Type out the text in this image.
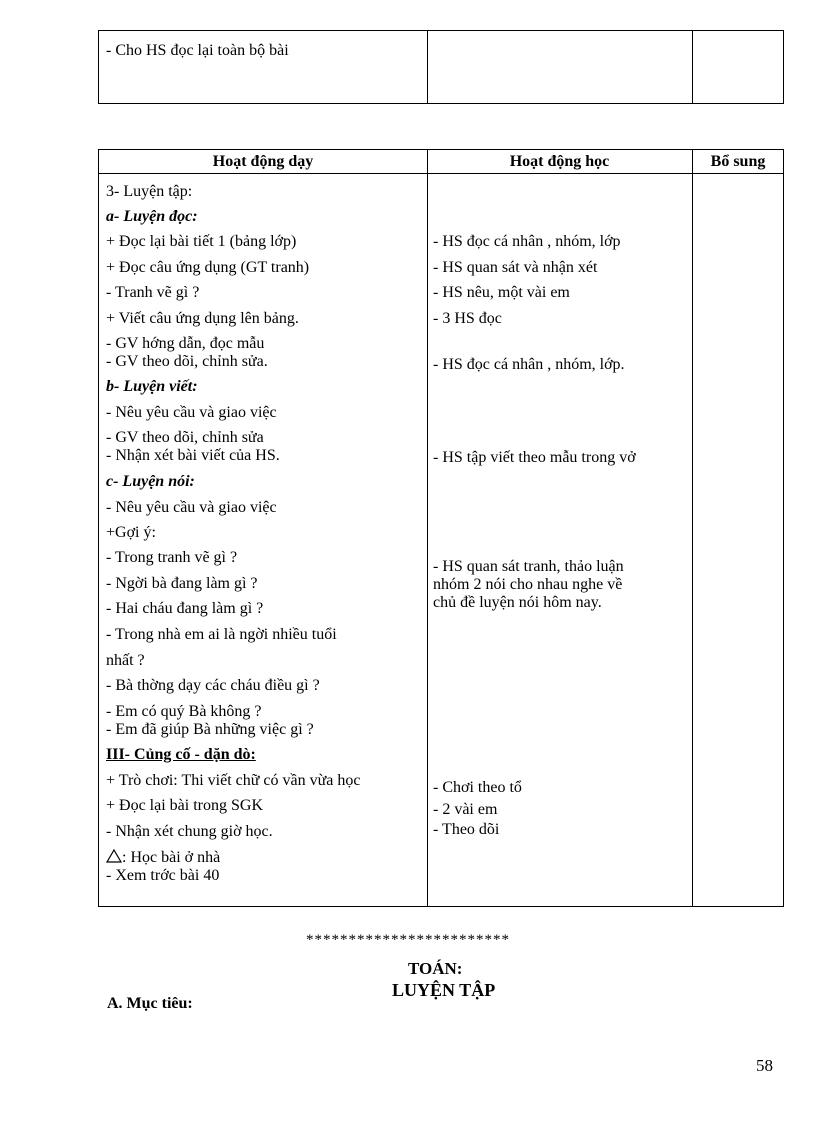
- Cho HS đọc lại toàn bộ bài
Hoạt động dạy	Hoạt động học	Bổ sung
3- Luyện tập:
a- Luyện đọc:
+ Đọc lại bài tiết 1 (bảng lớp)
+ Đọc câu ứng dụng (GT tranh)
- Tranh vẽ gì ?
+ Viết câu ứng dụng lên bảng.
- GV hớng dẫn, đọc mẫu
- GV theo dõi, chỉnh sửa.
b- Luyện viết:
- Nêu yêu cầu và giao việc
- GV theo dõi, chỉnh sửa
- Nhận xét bài viết của HS.
c- Luyện nói:
- Nêu yêu cầu và giao việc
+Gợi ý:
- Trong tranh vẽ gì ?
- Ngời bà đang làm gì ?
- Hai cháu đang làm gì ?
- Trong nhà em ai là ngời nhiều tuổi
nhất ?
- Bà thờng dạy các cháu điều gì ?
- Em có quý Bà không ?
- Em đã giúp Bà những việc gì ?
III- Củng cố - dặn dò:
+ Trò chơi: Thi viết chữ có vần vừa học
+ Đọc lại bài trong SGK
- Nhận xét chung giờ học.
: Học bài ở nhà
- Xem trớc bài 40
- HS đọc cá nhân , nhóm, lớp
- HS quan sát và nhận xét
- HS nêu, một vài em
- 3 HS đọc
- HS đọc cá nhân , nhóm, lớp.
- HS tập viết theo mẫu trong vở
- HS quan sát tranh, thảo luận
nhóm 2 nói cho nhau nghe về
chủ đề luyện nói hôm nay.
- Chơi theo tổ
- 2 vài em
- Theo dõi
************************
TOÁN:
LUYỆN TẬP
A. Mục tiêu:
58
